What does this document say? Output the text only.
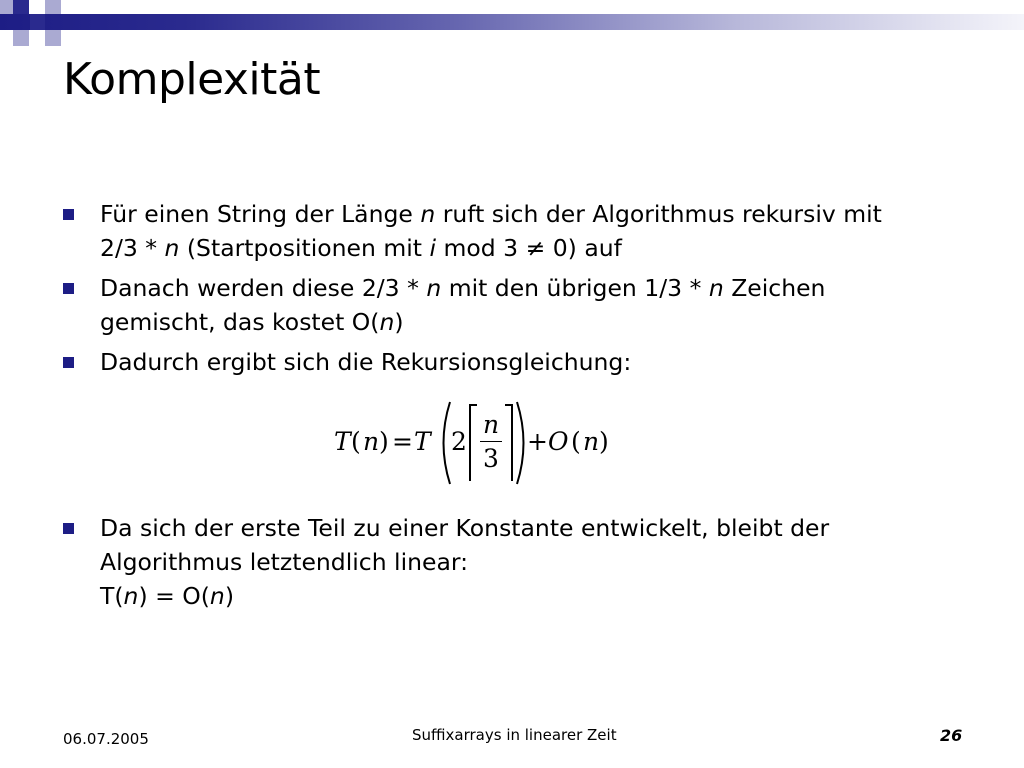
Komplexität

Für einen String der Länge n ruft sich der Algorithmus rekursiv mit
2/3 * n (Startpositionen mit i mod 3 ≠ 0) auf

Danach werden diese 2/3 * n mit den übrigen 1/3 * n Zeichen
gemischt, das kostet O(n)

Dadurch ergibt sich die Rekursionsgleichung:

T ( n ) = T 2
n
3
+ O ( n )

Da sich der erste Teil zu einer Konstante entwickelt, bleibt der
Algorithmus letztendlich linear:
T(n) = O(n)

06.07.2005	Suffixarrays in linearer Zeit	26
